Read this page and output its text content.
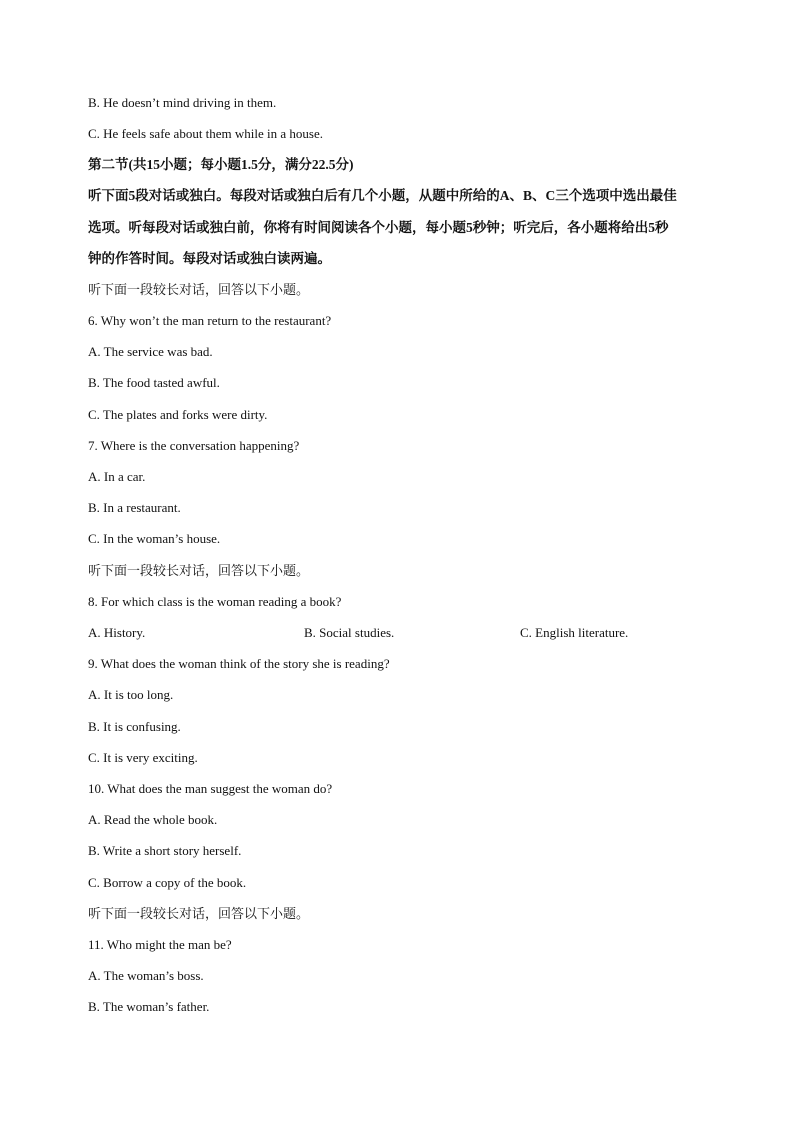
B. He doesn’t mind driving in them.
C. He feels safe about them while in a house.
第二节(共15小题；每小题1.5分，满分22.5分)
听下面5段对话或独白。每段对话或独白后有几个小题，从题中所给的A、B、C三个选项中选出最佳
选项。听每段对话或独白前，你将有时间阅读各个小题，每小题5秒钟；听完后，各小题将给出5秒
钟的作答时间。每段对话或独白读两遍。
听下面一段较长对话，回答以下小题。
6. Why won’t the man return to the restaurant?
A. The service was bad.
B. The food tasted awful.
C. The plates and forks were dirty.
7. Where is the conversation happening?
A. In a car.
B. In a restaurant.
C. In the woman’s house.
听下面一段较长对话，回答以下小题。
8. For which class is the woman reading a book?
A. History.	B. Social studies.	C. English literature.
9. What does the woman think of the story she is reading?
A. It is too long.
B. It is confusing.
C. It is very exciting.
10. What does the man suggest the woman do?
A. Read the whole book.
B. Write a short story herself.
C. Borrow a copy of the book.
听下面一段较长对话，回答以下小题。
11. Who might the man be?
A. The woman’s boss.
B. The woman’s father.
